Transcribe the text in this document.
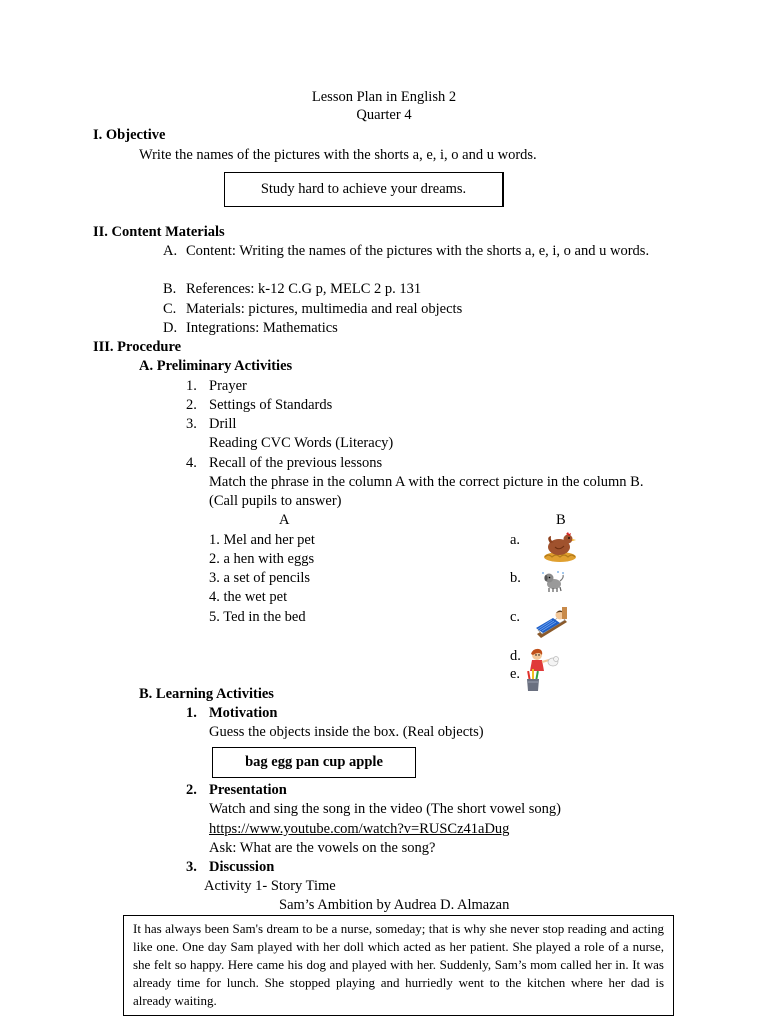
Lesson Plan in English 2
Quarter 4
I. Objective
Write the names of the pictures with the shorts a, e, i, o and u words.
Study hard to achieve your dreams.
II. Content Materials
A. Content: Writing the names of the pictures with the shorts a, e, i, o and u words.
B. References: k-12 C.G p, MELC 2 p. 131
C. Materials: pictures, multimedia and real objects
D. Integrations: Mathematics
III. Procedure
A. Preliminary Activities
1. Prayer
2. Settings of Standards
3. Drill
Reading CVC Words (Literacy)
4. Recall of the previous lessons
Match the phrase in the column A with the correct picture in the column B.
(Call pupils to answer)
A	B
1. Mel and her pet
2. a hen with eggs
3. a set of pencils
4. the wet pet
5. Ted in the bed
a.
b.
c.
d.
e.
B. Learning Activities
1. Motivation
Guess the objects inside the box. (Real objects)
bag egg pan cup apple
2. Presentation
Watch and sing the song in the video (The short vowel song)
https://www.youtube.com/watch?v=RUSCz41aDug
Ask: What are the vowels on the song?
3. Discussion
Activity 1- Story Time
Sam’s Ambition by Audrea D. Almazan
It has always been Sam's dream to be a nurse, someday; that is why she never stop reading and acting like one. One day Sam played with her doll which acted as her patient. She played a role of a nurse, she felt so happy. Here came his dog and played with her. Suddenly, Sam’s mom called her in. It was already time for lunch. She stopped playing and hurriedly went to the kitchen where her dad is already waiting.
